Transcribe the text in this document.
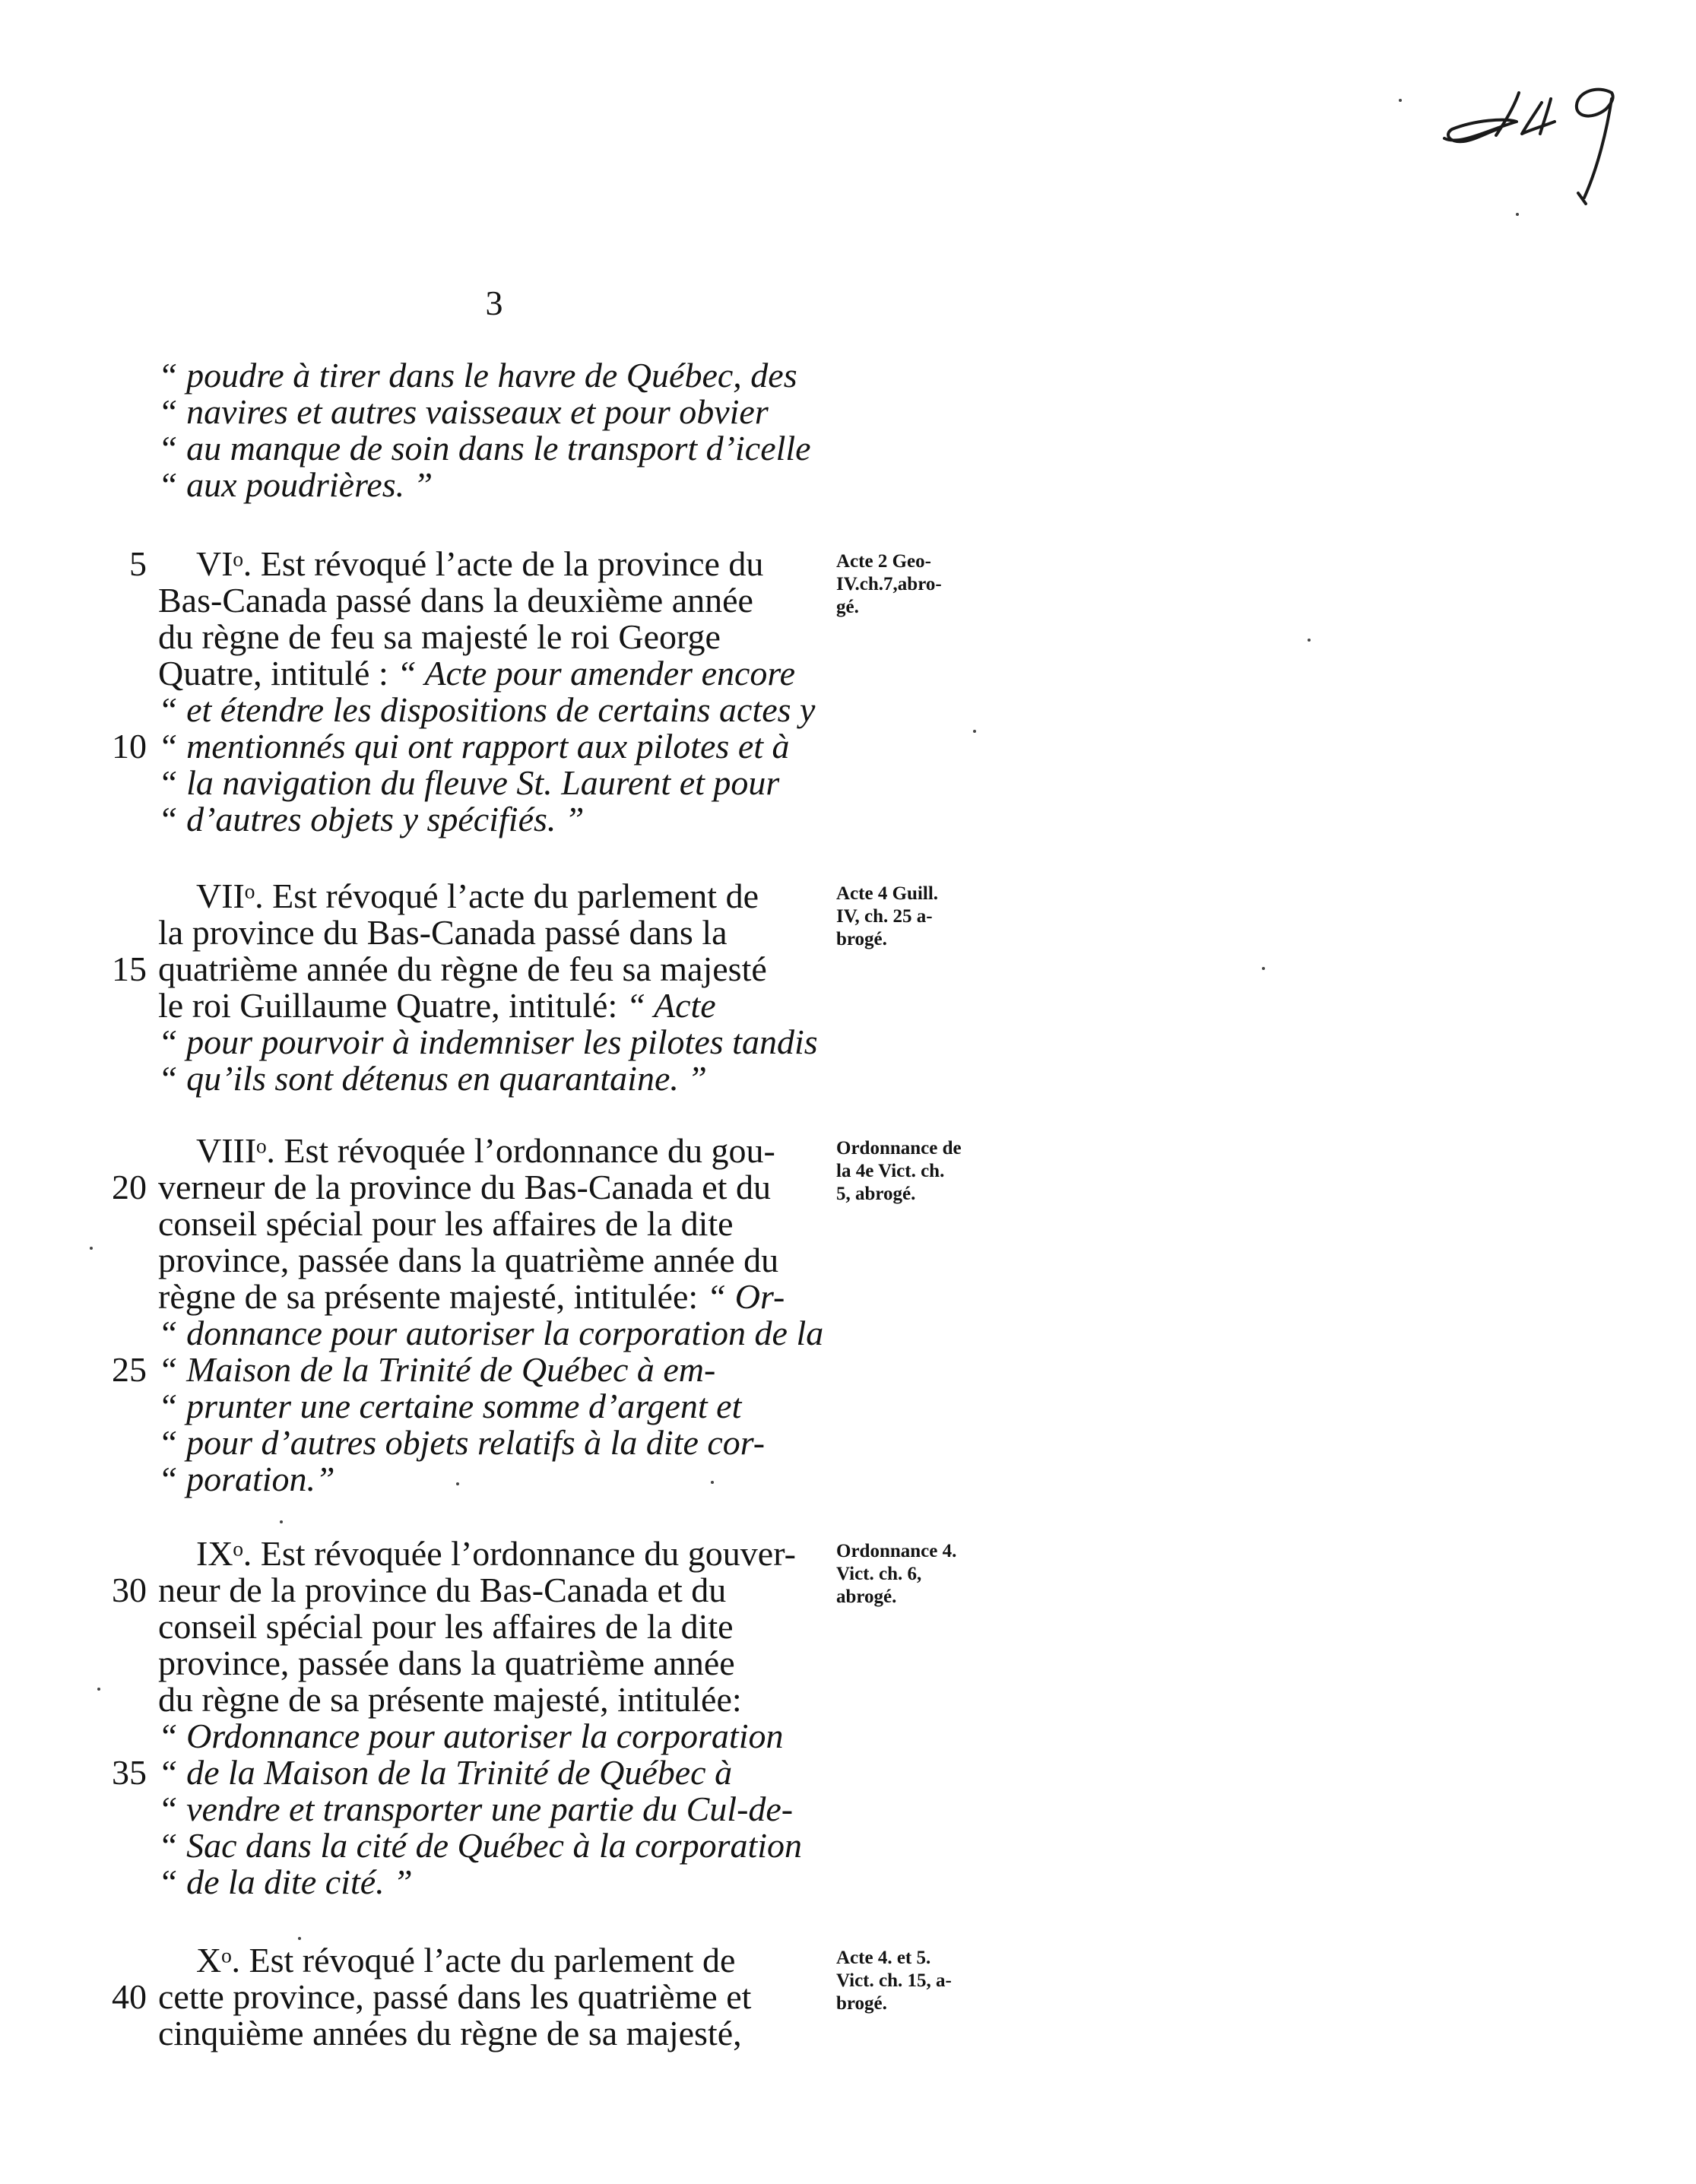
449
3
“ poudre à tirer dans le havre de Québec, des
“ navires et autres vaisseaux et pour obvier
“ au manque de soin dans le transport d’icelle
“ aux poudrières. ”
5 VIᵒ. Est révoqué l’acte de la province du
Bas-Canada passé dans la deuxième année
du règne de feu sa majesté le roi George
Quatre, intitulé : “ Acte pour amender encore
“ et étendre les dispositions de certains actes y
10 “ mentionnés qui ont rapport aux pilotes et à
“ la navigation du fleuve St. Laurent et pour
“ d’autres objets y spécifiés. ”
Acte 2 Geo-
IV.ch.7,abro-
gé.
VIIᵒ. Est révoqué l’acte du parlement de
la province du Bas-Canada passé dans la
15 quatrième année du règne de feu sa majesté
le roi Guillaume Quatre, intitulé: “ Acte
“ pour pourvoir à indemniser les pilotes tandis
“ qu’ils sont détenus en quarantaine. ”
Acte 4 Guill.
IV, ch. 25 a-
brogé.
VIIIᵒ. Est révoquée l’ordonnance du gou-
20 verneur de la province du Bas-Canada et du
conseil spécial pour les affaires de la dite
province, passée dans la quatrième année du
règne de sa présente majesté, intitulée: “ Or-
“ donnance pour autoriser la corporation de la
25 “ Maison de la Trinité de Québec à em-
“ prunter une certaine somme d’argent et
“ pour d’autres objets relatifs à la dite cor-
“ poration.”
Ordonnance de
la 4e Vict. ch.
5, abrogé.
IXᵒ. Est révoquée l’ordonnance du gouver-
30 neur de la province du Bas-Canada et du
conseil spécial pour les affaires de la dite
province, passée dans la quatrième année
du règne de sa présente majesté, intitulée:
“ Ordonnance pour autoriser la corporation
35 “ de la Maison de la Trinité de Québec à
“ vendre et transporter une partie du Cul-de-
“ Sac dans la cité de Québec à la corporation
“ de la dite cité. ”
Ordonnance 4.
Vict. ch. 6,
abrogé.
Xᵒ. Est révoqué l’acte du parlement de
40 cette province, passé dans les quatrième et
cinquième années du règne de sa majesté,
Acte 4. et 5.
Vict. ch. 15, a-
brogé.
